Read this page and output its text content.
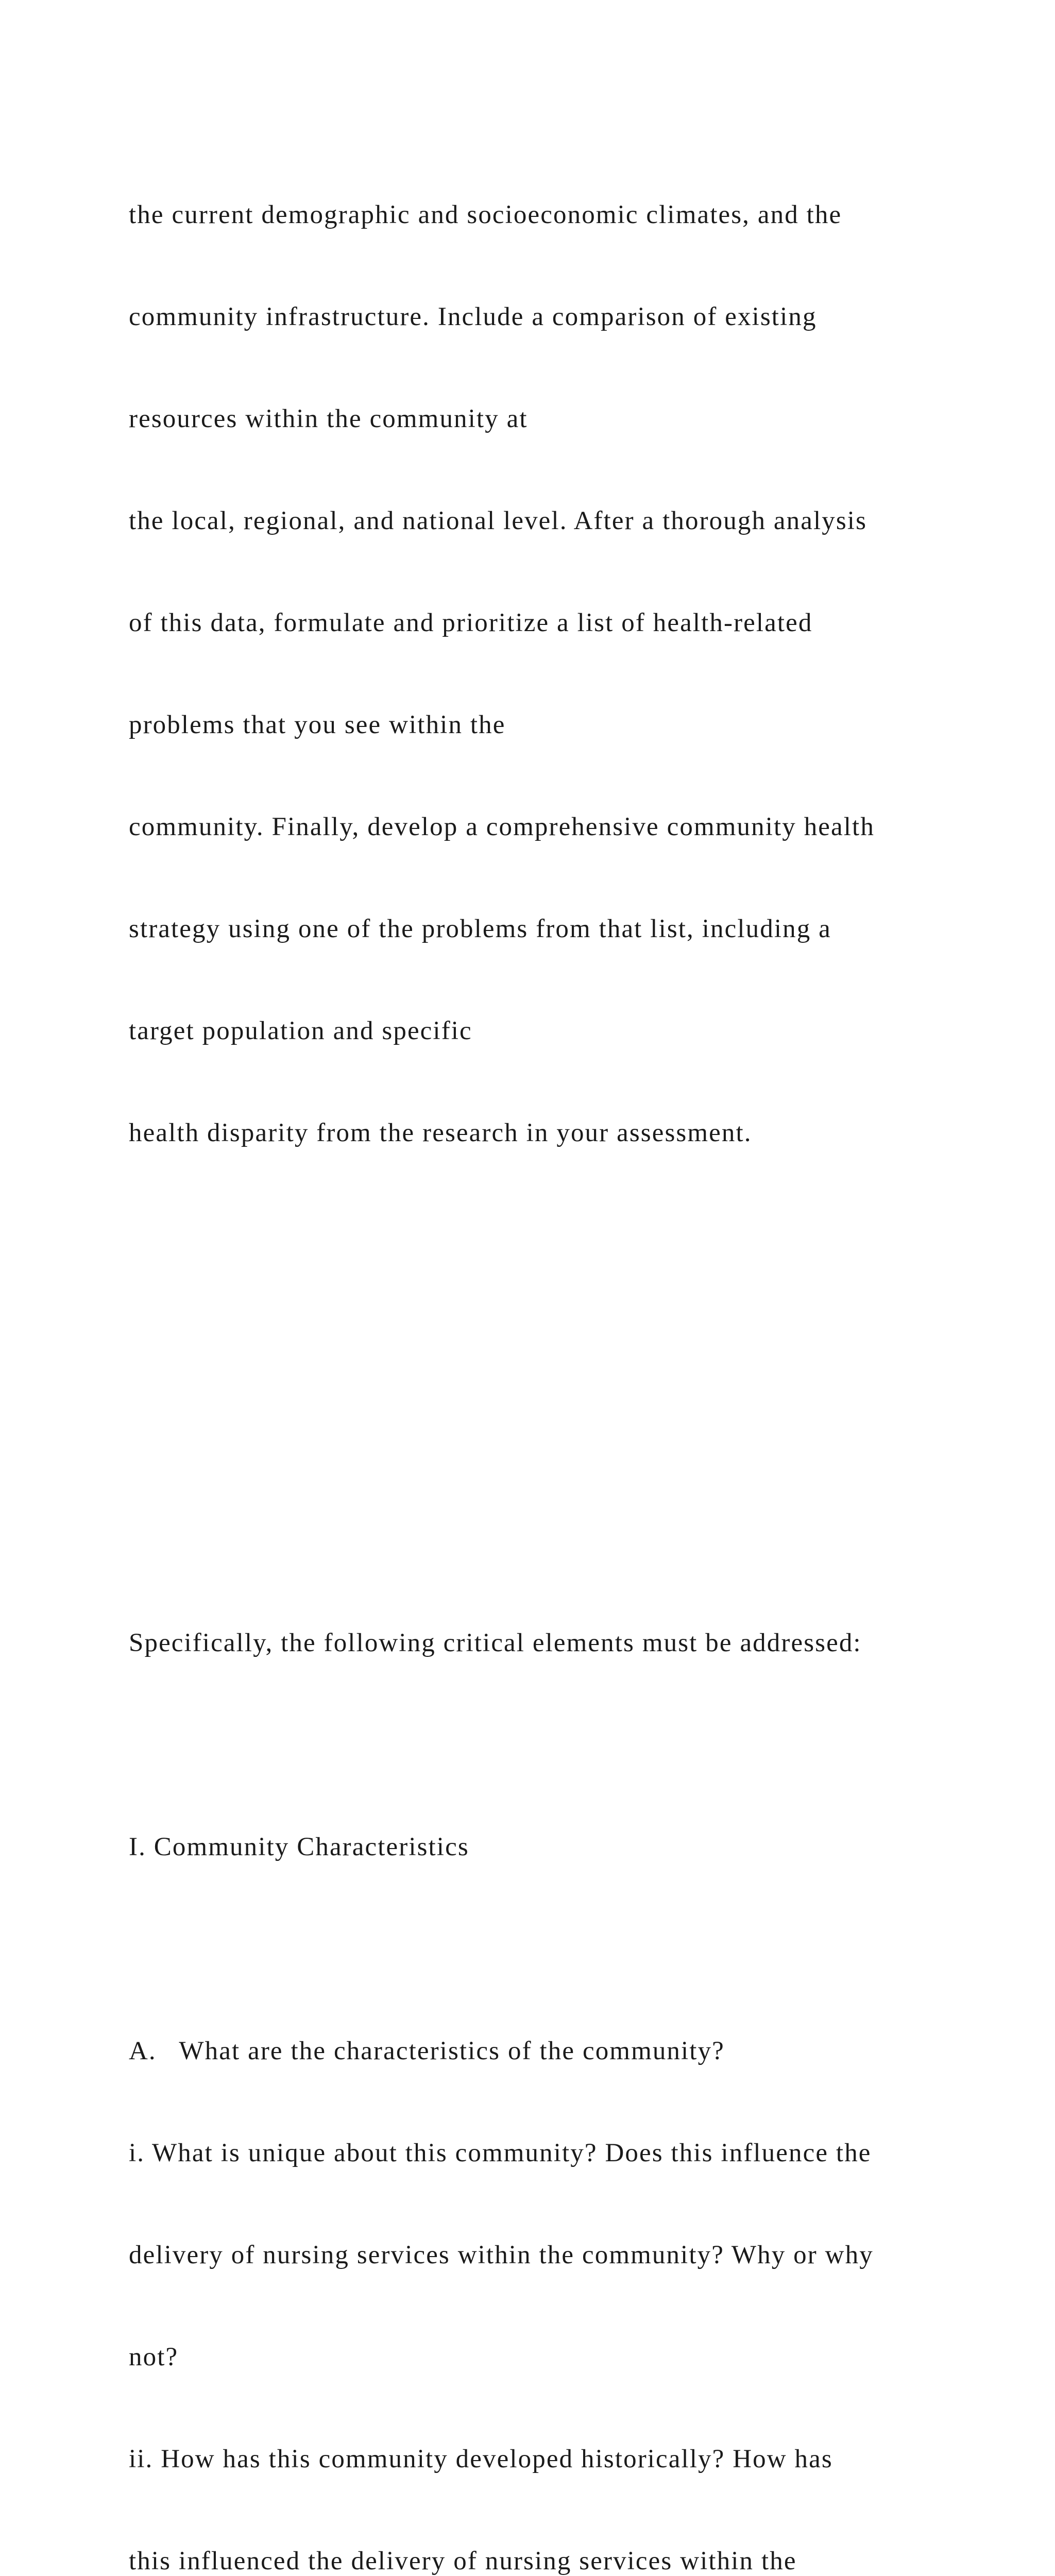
the current demographic and socioeconomic climates, and the

community infrastructure. Include a comparison of existing

resources within the community at

the local, regional, and national level. After a thorough analysis

of this data, formulate and prioritize a list of health-related

problems that you see within the

community. Finally, develop a comprehensive community health

strategy using one of the problems from that list, including a

target population and specific

health disparity from the research in your assessment.

Specifically, the following critical elements must be addressed:

I. Community Characteristics

A.   What are the characteristics of the community?

i. What is unique about this community? Does this influence the

delivery of nursing services within the community? Why or why

not?

ii. How has this community developed historically? How has

this influenced the delivery of nursing services within the
